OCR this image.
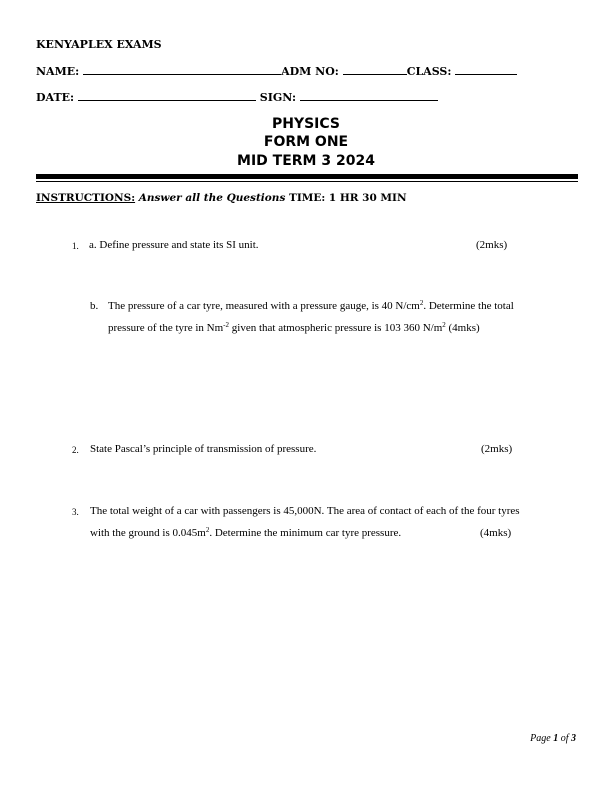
KENYAPLEX EXAMS
NAME:	ADM NO:	CLASS:
DATE:	SIGN:
PHYSICS
FORM ONE
MID TERM 3 2024
INSTRUCTIONS: Answer all the Questions TIME: 1 HR 30 MIN
1. a. Define pressure and state its SI unit.	(2mks)
b. The pressure of a car tyre, measured with a pressure gauge, is 40 $N/cm^2$. Determine the total
pressure of the tyre in $Nm^{-2}$ given that atmospheric pressure is 103 360 $N/m^2$ (4mks)
2. State Pascal’s principle of transmission of pressure.	(2mks)
3. The total weight of a car with passengers is 45,000N. The area of contact of each of the four tyres
with the ground is $0.045m^2$. Determine the minimum car tyre pressure.	(4mks)
Page 1 of 3
